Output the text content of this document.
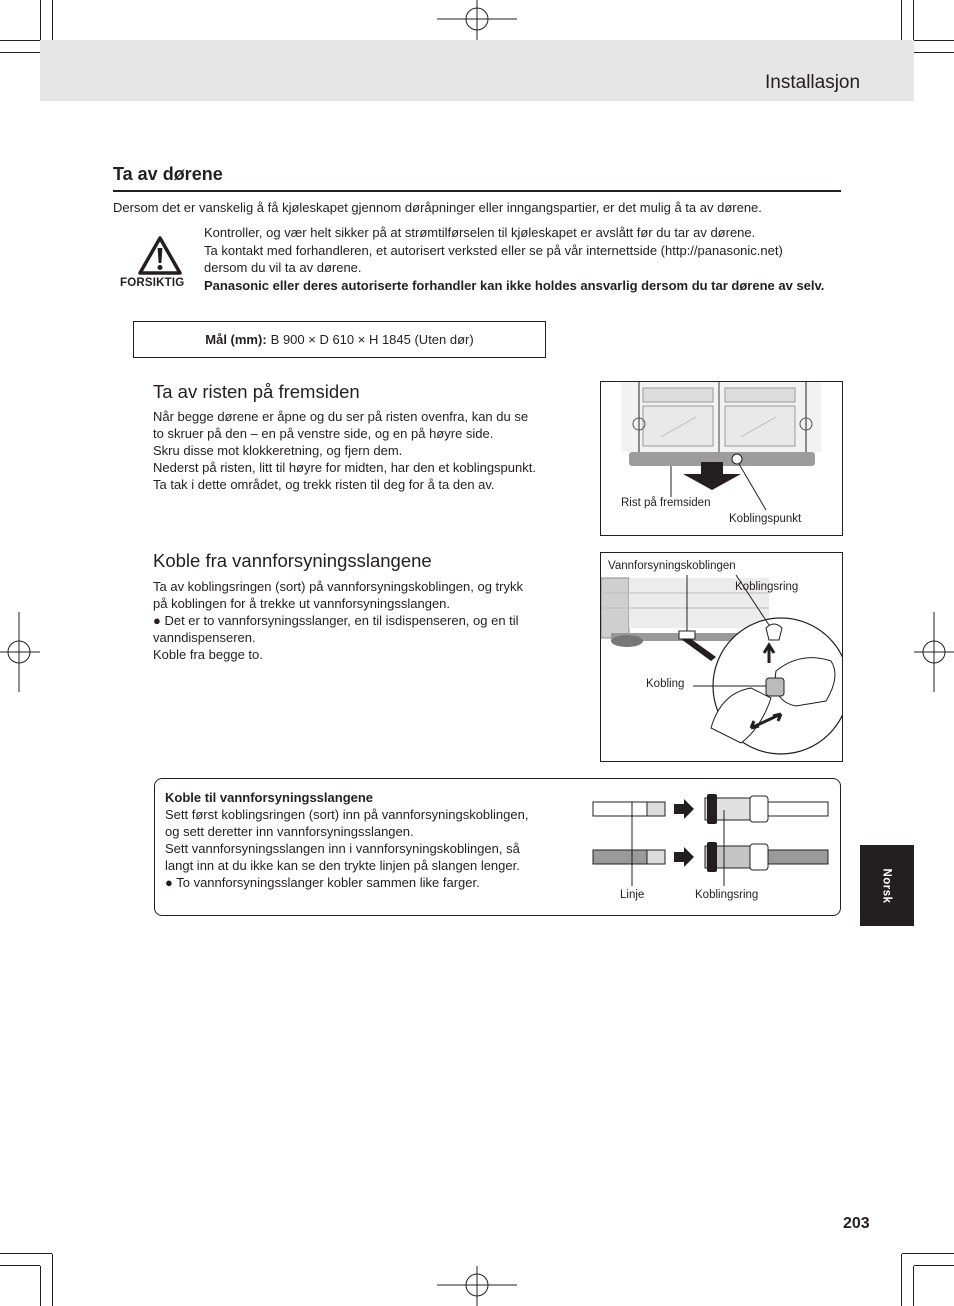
Installasjon
Ta av dørene
Dersom det er vanskelig å få kjøleskapet gjennom døråpninger eller inngangspartier, er det mulig å ta av dørene.
FORSIKTIG
Kontroller, og vær helt sikker på at strømtilførselen til kjøleskapet er avslått før du tar av dørene.
Ta kontakt med forhandleren, et autorisert verksted eller se på vår internettside (http://panasonic.net)
dersom du vil ta av dørene.
Panasonic eller deres autoriserte forhandler kan ikke holdes ansvarlig dersom du tar dørene av selv.
Mål (mm): B 900 × D 610 × H 1845 (Uten dør)
Ta av risten på fremsiden
Når begge dørene er åpne og du ser på risten ovenfra, kan du se
to skruer på den – en på venstre side, og en på høyre side.
Skru disse mot klokkeretning, og fjern dem.
Nederst på risten, litt til høyre for midten, har den et koblingspunkt.
Ta tak i dette området, og trekk risten til deg for å ta den av.
Rist på fremsiden
Koblingspunkt
Koble fra vannforsyningsslangene
Ta av koblingsringen (sort) på vannforsyningskoblingen, og trykk
på koblingen for å trekke ut vannforsyningsslangen.
● Det er to vannforsyningsslanger, en til isdispenseren, og en til
vanndispenseren.
Koble fra begge to.
Vannforsyningskoblingen
Koblingsring
Kobling
Koble til vannforsyningsslangene
Sett først koblingsringen (sort) inn på vannforsyningskoblingen,
og sett deretter inn vannforsyningsslangen.
Sett vannforsyningsslangen inn i vannforsyningskoblingen, så
langt inn at du ikke kan se den trykte linjen på slangen lenger.
● To vannforsyningsslanger kobler sammen like farger.
Linje	Koblingsring	Norsk
203
